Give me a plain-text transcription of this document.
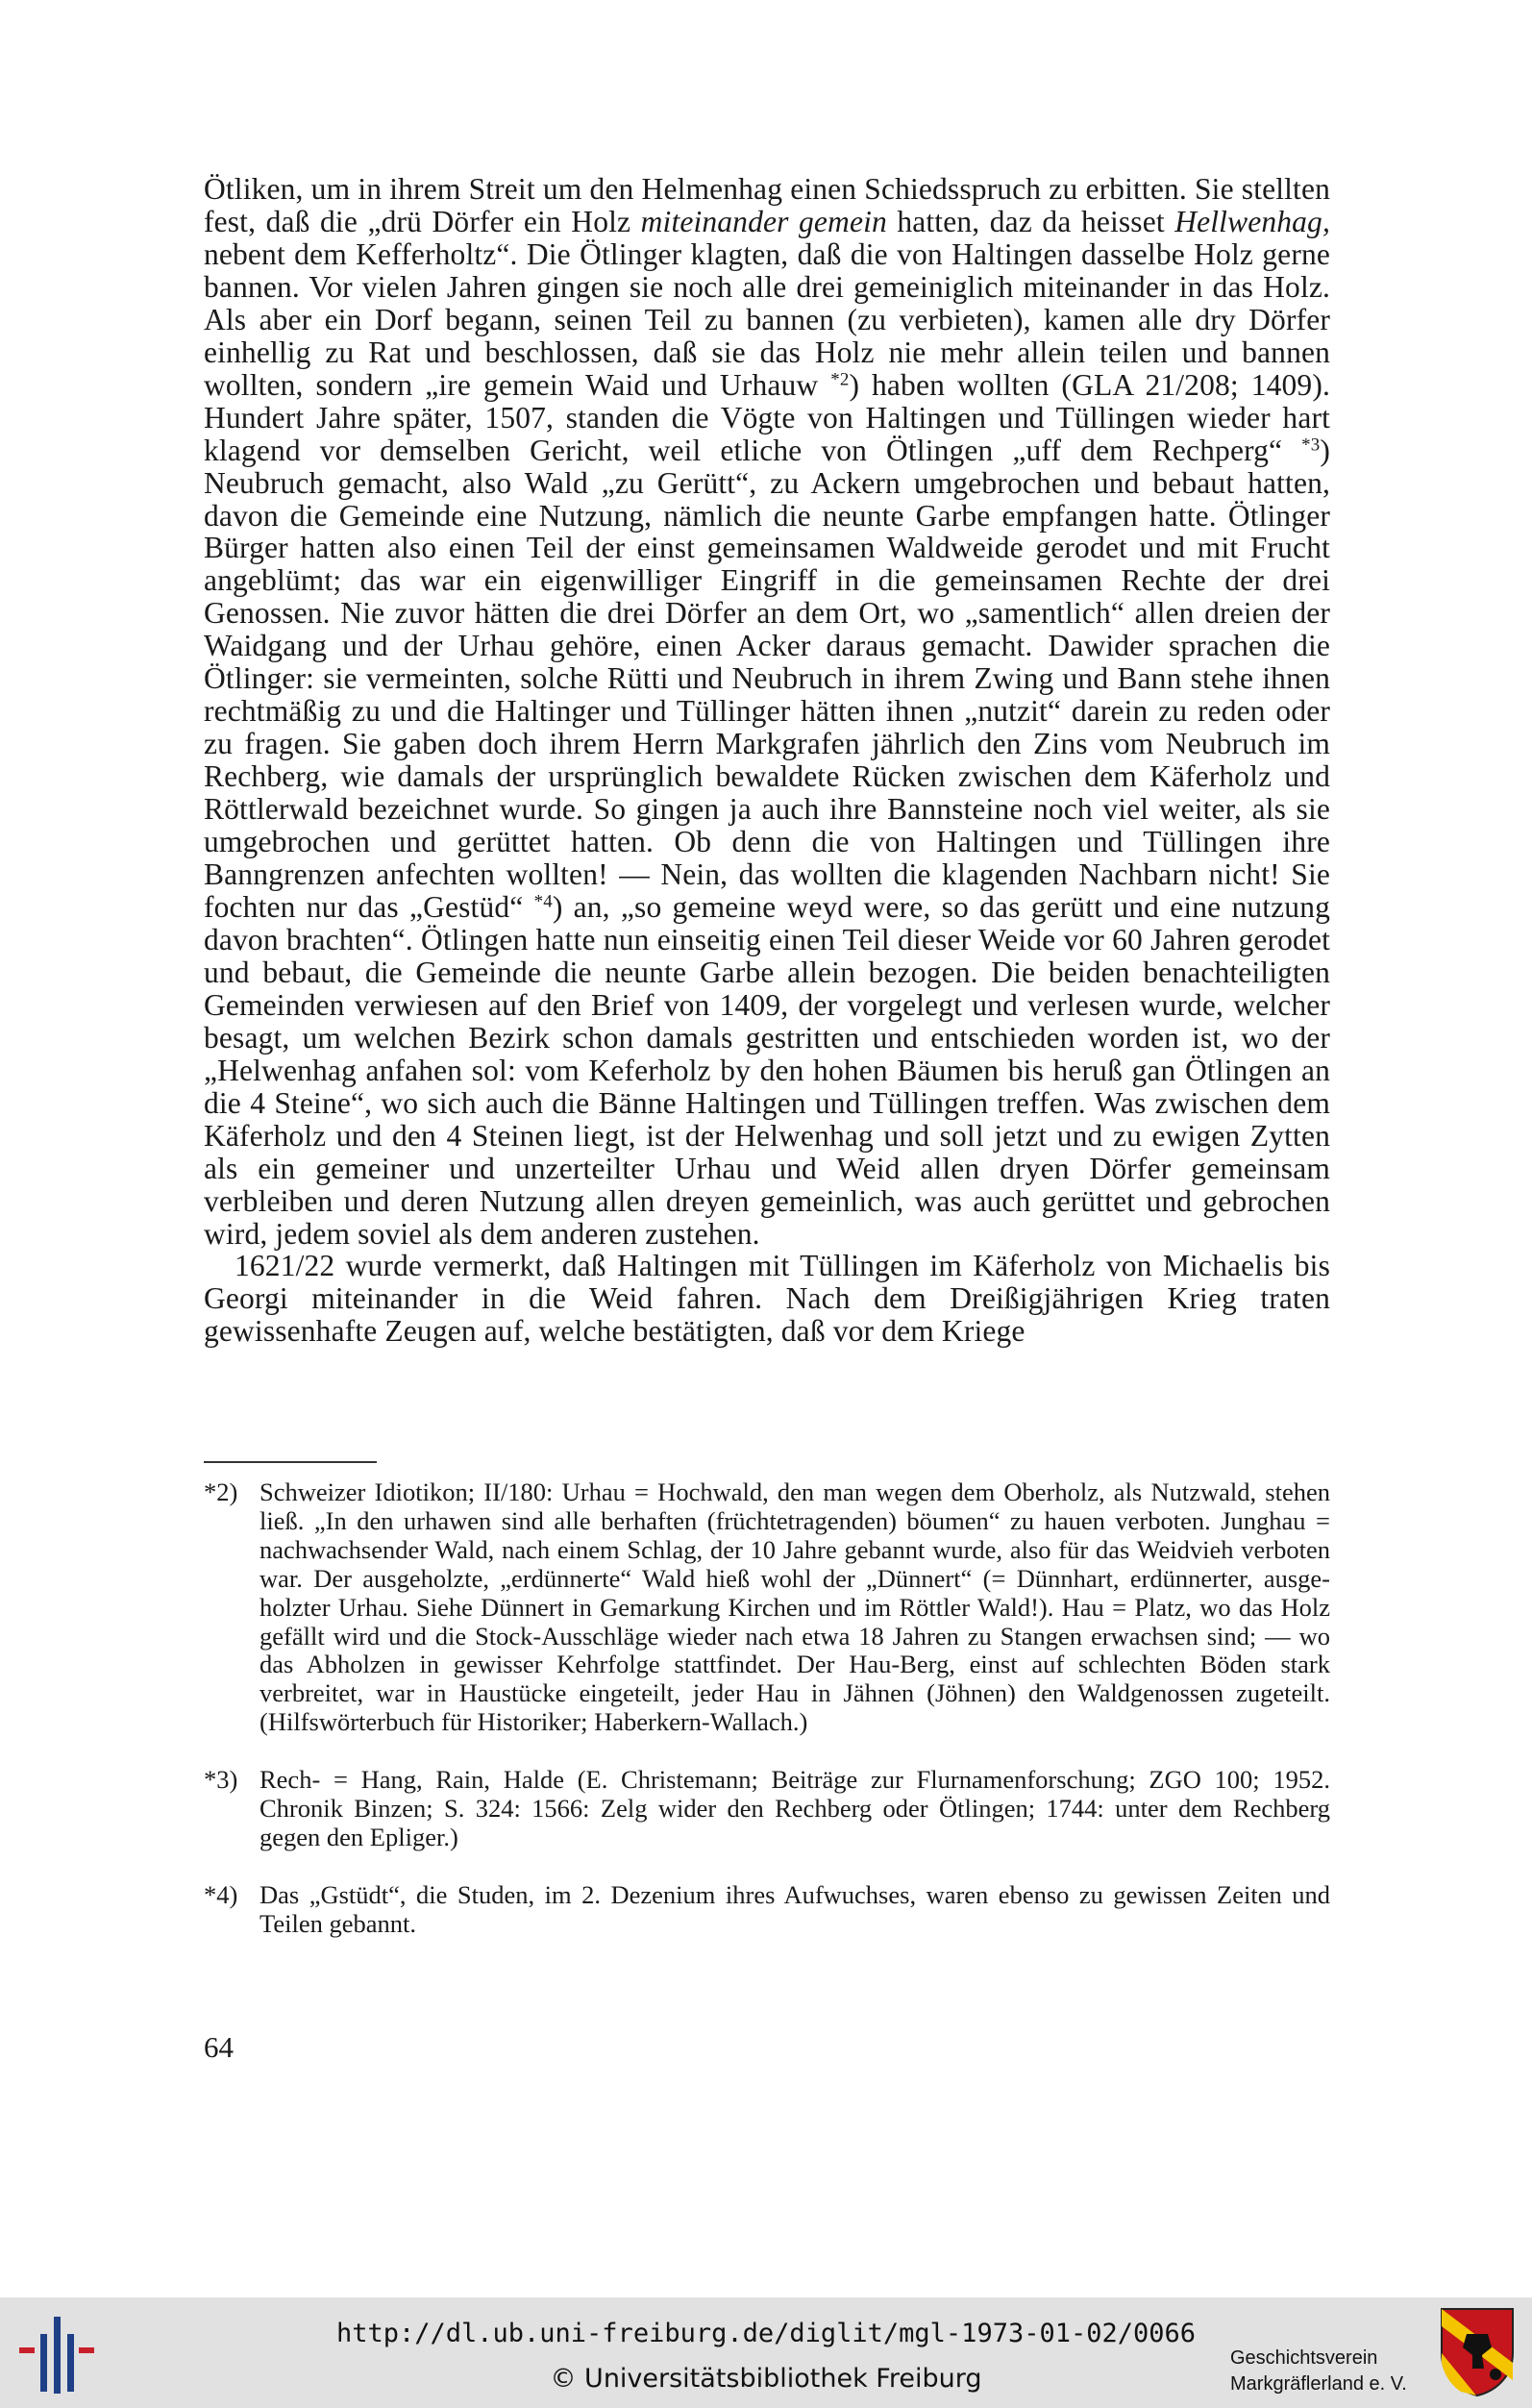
Ötliken, um in ihrem Streit um den Helmenhag einen Schiedsspruch zu erbitten. Sie stellten fest, daß die „drü Dörfer ein Holz miteinander gemein hatten, daz da heisset Hellwenhag, nebent dem Kefferholtz“. Die Ötlinger klagten, daß die von Haltingen dasselbe Holz gerne bannen. Vor vielen Jahren gingen sie noch alle drei gemeiniglich miteinander in das Holz. Als aber ein Dorf begann, seinen Teil zu bannen (zu verbieten), kamen alle dry Dörfer einhellig zu Rat und beschlossen, daß sie das Holz nie mehr allein teilen und bannen wollten, sondern „ire gemein Waid und Urhauw $^{*2}$) haben wollten (GLA 21/208; 1409). Hundert Jahre später, 1507, standen die Vögte von Haltingen und Tüllingen wieder hart klagend vor demselben Gericht, weil etliche von Ötlingen „uff dem Rechperg“ $^{*3}$) Neubruch gemacht, also Wald „zu Gerütt“, zu Ackern umgebrochen und bebaut hatten, davon die Gemeinde eine Nutzung, nämlich die neunte Garbe empfangen hatte. Ötlinger Bürger hatten also einen Teil der einst gemeinsamen Waldweide gerodet und mit Frucht angeblümt; das war ein eigenwilliger Eingriff in die gemeinsamen Rechte der drei Genossen. Nie zuvor hätten die drei Dörfer an dem Ort, wo „samentlich“ allen dreien der Waidgang und der Urhau gehöre, einen Acker daraus gemacht. Dawider sprachen die Ötlinger: sie vermeinten, solche Rütti und Neubruch in ihrem Zwing und Bann stehe ihnen rechtmäßig zu und die Haltinger und Tüllinger hätten ihnen „nutzit“ darein zu reden oder zu fragen. Sie gaben doch ihrem Herrn Markgrafen jährlich den Zins vom Neubruch im Rechberg, wie damals der ursprünglich bewaldete Rücken zwischen dem Käferholz und Röttlerwald bezeichnet wurde. So gingen ja auch ihre Bannsteine noch viel weiter, als sie umgebrochen und gerüttet hatten. Ob denn die von Haltingen und Tüllingen ihre Banngrenzen anfechten wollten! — Nein, das wollten die klagenden Nachbarn nicht! Sie fochten nur das „Gestüd“ $^{*4}$) an, „so gemeine weyd were, so das gerütt und eine nutzung davon brachten“. Ötlingen hatte nun einseitig einen Teil dieser Weide vor 60 Jahren gerodet und bebaut, die Gemeinde die neunte Garbe allein bezogen. Die beiden benachteiligten Gemeinden verwiesen auf den Brief von 1409, der vorgelegt und verlesen wurde, welcher besagt, um welchen Bezirk schon damals gestritten und entschieden worden ist, wo der „Helwenhag anfahen sol: vom Keferholz by den hohen Bäumen bis heruß gan Ötlingen an die 4 Steine“, wo sich auch die Bänne Haltingen und Tüllingen treffen. Was zwischen dem Käferholz und den 4 Steinen liegt, ist der Helwenhag und soll jetzt und zu ewigen Zytten als ein gemeiner und unzerteilter Urhau und Weid allen dryen Dörfer gemeinsam verbleiben und deren Nutzung allen dreyen gemeinlich, was auch gerüttet und gebrochen wird, jedem soviel als dem anderen zustehen.

1621/22 wurde vermerkt, daß Haltingen mit Tüllingen im Käferholz von Michaelis bis Georgi miteinander in die Weid fahren. Nach dem Dreißigjährigen Krieg traten gewissenhafte Zeugen auf, welche bestätigten, daß vor dem Kriege

*2) Schweizer Idiotikon; II/180: Urhau = Hochwald, den man wegen dem Oberholz, als Nutzwald, stehen ließ. „In den urhawen sind alle berhaften (früchtetragenden) böumen“ zu hauen verboten. Junghau = nachwachsender Wald, nach einem Schlag, der 10 Jahre gebannt wurde, also für das Weidvieh verboten war. Der ausgeholzte, „erdünnerte“ Wald hieß wohl der „Dünnert“ (= Dünnhart, erdünnerter, ausgeholzter Urhau. Siehe Dünnert in Gemarkung Kirchen und im Röttler Wald!). Hau = Platz, wo das Holz gefällt wird und die Stock-Ausschläge wieder nach etwa 18 Jahren zu Stangen erwachsen sind; — wo das Abholzen in gewisser Kehrfolge stattfindet. Der Hau-Berg, einst auf schlechten Böden stark verbreitet, war in Haustücke eingeteilt, jeder Hau in Jähnen (Jöhnen) den Waldgenossen zugeteilt. (Hilfswörterbuch für Historiker; Haberkern-Wallach.)
*3) Rech- = Hang, Rain, Halde (E. Christemann; Beiträge zur Flurnamenforschung; ZGO 100; 1952. Chronik Binzen; S. 324: 1566: Zelg wider den Rechberg oder Ötlingen; 1744: unter dem Rechberg gegen den Epliger.)
*4) Das „Gstüdt“, die Studen, im 2. Dezenium ihres Aufwuchses, waren ebenso zu gewissen Zeiten und Teilen gebannt.
64
http://dl.ub.uni-freiburg.de/diglit/mgl-1973-01-02/0066
© Universitätsbibliothek Freiburg
Geschichtsverein
Markgräflerland e. V.
